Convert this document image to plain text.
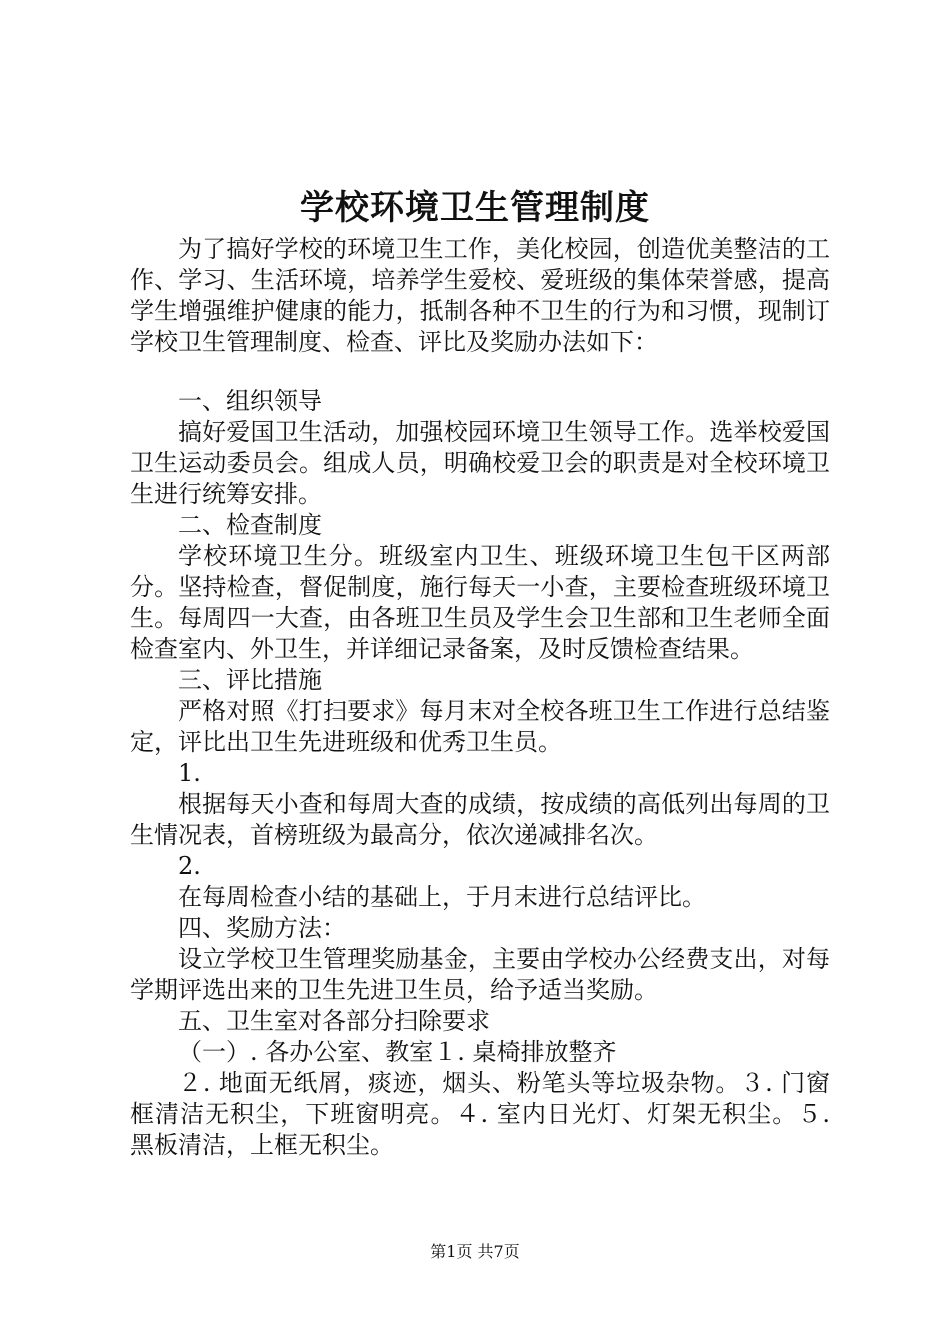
学校环境卫生管理制度

为了搞好学校的环境卫生工作，美化校园，创造优美整洁的工作、学习、生活环境，培养学生爱校、爱班级的集体荣誉感，提高学生增强维护健康的能力，抵制各种不卫生的行为和习惯，现制订学校卫生管理制度、检查、评比及奖励办法如下：

一、组织领导

搞好爱国卫生活动，加强校园环境卫生领导工作。选举校爱国卫生运动委员会。组成人员，明确校爱卫会的职责是对全校环境卫生进行统筹安排。

二、检查制度

学校环境卫生分。班级室内卫生、班级环境卫生包干区两部分。坚持检查，督促制度，施行每天一小查，主要检查班级环境卫生。每周四一大查，由各班卫生员及学生会卫生部和卫生老师全面检查室内、外卫生，并详细记录备案，及时反馈检查结果。

三、评比措施

严格对照《打扫要求》每月末对全校各班卫生工作进行总结鉴定，评比出卫生先进班级和优秀卫生员。

1.

根据每天小查和每周大查的成绩，按成绩的高低列出每周的卫生情况表，首榜班级为最高分，依次递减排名次。

2.

在每周检查小结的基础上，于月末进行总结评比。

四、奖励方法：

设立学校卫生管理奖励基金，主要由学校办公经费支出，对每学期评选出来的卫生先进卫生员，给予适当奖励。

五、卫生室对各部分扫除要求

（一）. 各办公室、教室１. 桌椅排放整齐

２. 地面无纸屑，痰迹，烟头、粉笔头等垃圾杂物。３. 门窗框清洁无积尘，下班窗明亮。４. 室内日光灯、灯架无积尘。５. 黑板清洁，上框无积尘。

第1页 共7页
